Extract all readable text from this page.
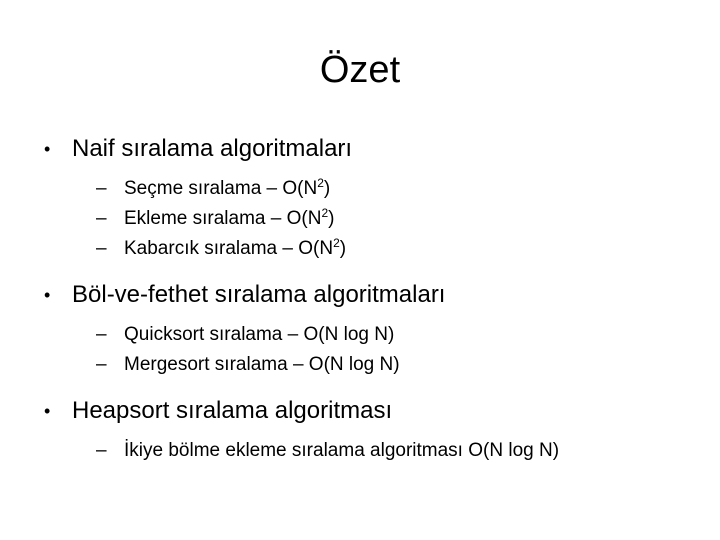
Özet
• Naif sıralama algoritmaları
– Seçme sıralama – $O(N^2)$
– Ekleme sıralama – $O(N^2)$
– Kabarcık sıralama – $O(N^2)$
• Böl-ve-fethet sıralama algoritmaları
– Quicksort sıralama – O(N log N)
– Mergesort sıralama – O(N log N)
• Heapsort sıralama algoritması
– İkiye bölme ekleme sıralama algoritması O(N log N)
